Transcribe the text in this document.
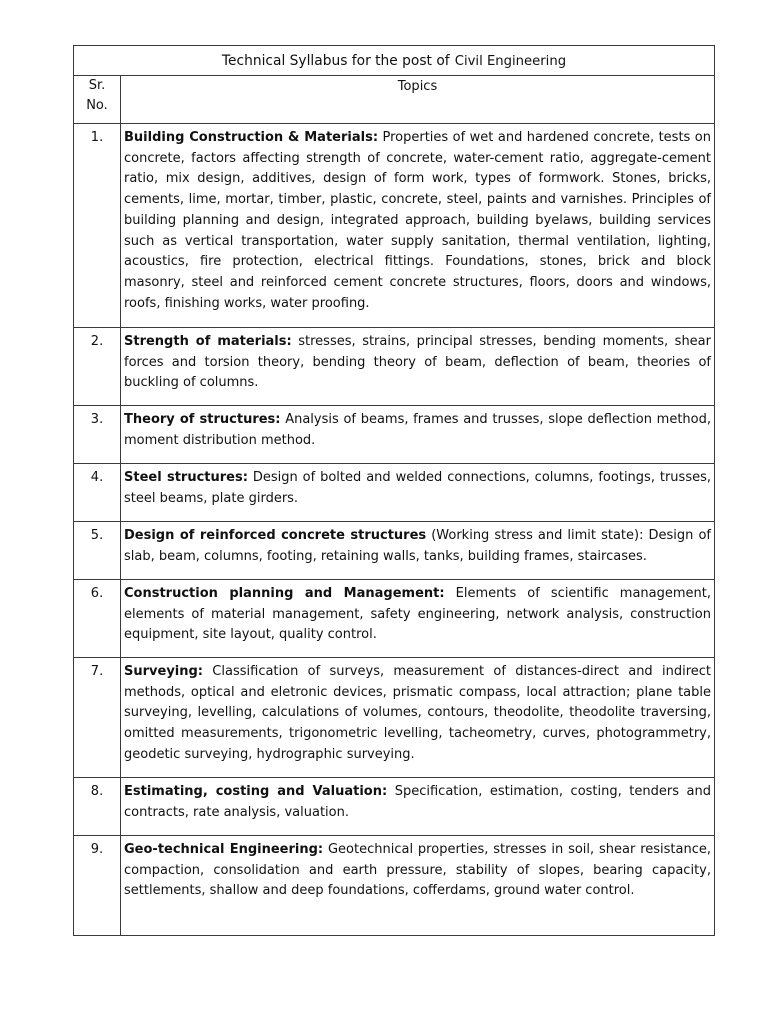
Technical Syllabus for the post of Civil Engineering	

Sr.
No.	Topics
1.	Building Construction & Materials: Properties of wet and hardened concrete, tests on concrete, factors affecting strength of concrete, water-cement ratio, aggregate-cement ratio, mix design, additives, design of form work, types of formwork. Stones, bricks, cements, lime, mortar, timber, plastic, concrete, steel, paints and varnishes. Principles of building planning and design, integrated approach, building byelaws, building services such as vertical transportation, water supply sanitation, thermal ventilation, lighting, acoustics, fire protection, electrical fittings. Foundations, stones, brick and block masonry, steel and reinforced cement concrete structures, floors, doors and windows, roofs, finishing works, water proofing.
2.	Strength of materials: stresses, strains, principal stresses, bending moments, shear forces and torsion theory, bending theory of beam, deflection of beam, theories of buckling of columns.
3.	Theory of structures: Analysis of beams, frames and trusses, slope deflection method, moment distribution method.
4.	Steel structures: Design of bolted and welded connections, columns, footings, trusses, steel beams, plate girders.
5.	Design of reinforced concrete structures (Working stress and limit state): Design of slab, beam, columns, footing, retaining walls, tanks, building frames, staircases.
6.	Construction planning and Management: Elements of scientific management, elements of material management, safety engineering, network analysis, construction equipment, site layout, quality control.
7.	Surveying: Classification of surveys, measurement of distances-direct and indirect methods, optical and eletronic devices, prismatic compass, local attraction; plane table surveying, levelling, calculations of volumes, contours, theodolite, theodolite traversing, omitted measurements, trigonometric levelling, tacheometry, curves, photogrammetry, geodetic surveying, hydrographic surveying.
8.	Estimating, costing and Valuation: Specification, estimation, costing, tenders and contracts, rate analysis, valuation.
9.	Geo-technical Engineering: Geotechnical properties, stresses in soil, shear resistance, compaction, consolidation and earth pressure, stability of slopes, bearing capacity, settlements, shallow and deep foundations, cofferdams, ground water control.
